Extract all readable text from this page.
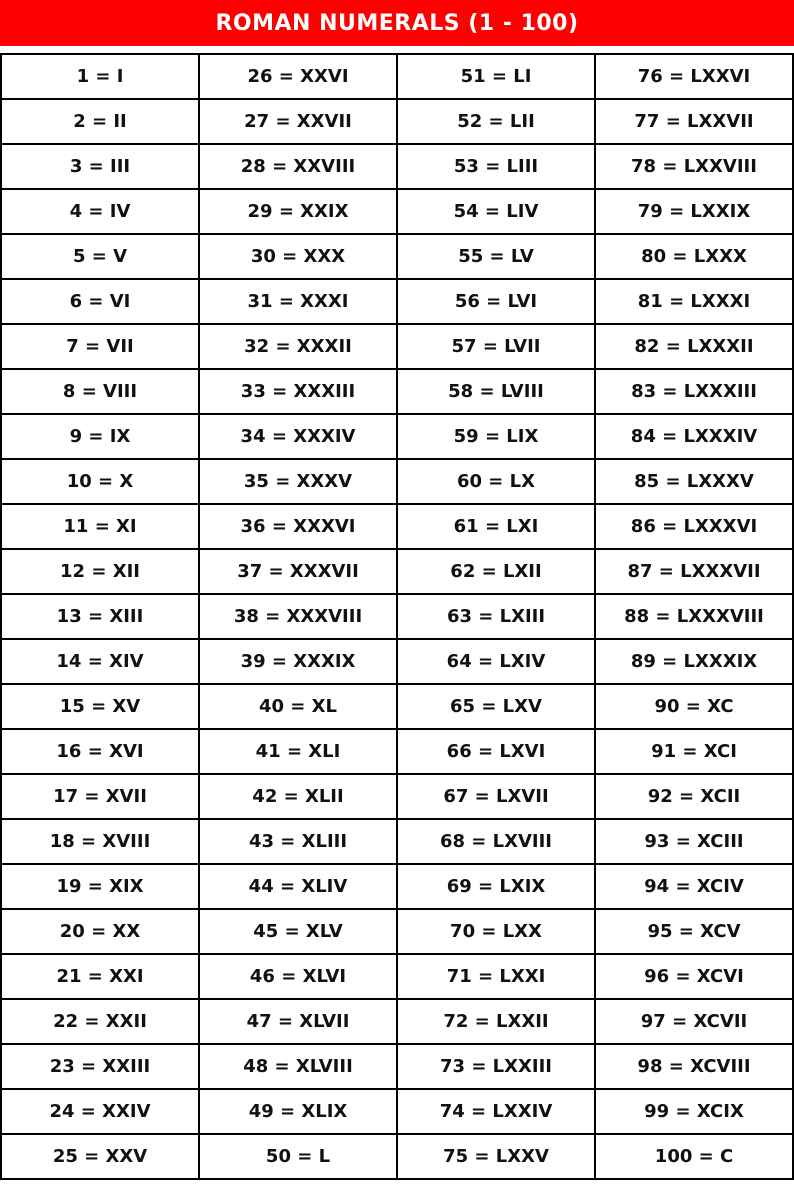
ROMAN NUMERALS (1 - 100)
1 = I	26 = XXVI	51 = LI	76 = LXXVI
2 = II	27 = XXVII	52 = LII	77 = LXXVII
3 = III	28 = XXVIII	53 = LIII	78 = LXXVIII
4 = IV	29 = XXIX	54 = LIV	79 = LXXIX
5 = V	30 = XXX	55 = LV	80 = LXXX
6 = VI	31 = XXXI	56 = LVI	81 = LXXXI
7 = VII	32 = XXXII	57 = LVII	82 = LXXXII
8 = VIII	33 = XXXIII	58 = LVIII	83 = LXXXIII
9 = IX	34 = XXXIV	59 = LIX	84 = LXXXIV
10 = X	35 = XXXV	60 = LX	85 = LXXXV
11 = XI	36 = XXXVI	61 = LXI	86 = LXXXVI
12 = XII	37 = XXXVII	62 = LXII	87 = LXXXVII
13 = XIII	38 = XXXVIII	63 = LXIII	88 = LXXXVIII
14 = XIV	39 = XXXIX	64 = LXIV	89 = LXXXIX
15 = XV	40 = XL	65 = LXV	90 = XC
16 = XVI	41 = XLI	66 = LXVI	91 = XCI
17 = XVII	42 = XLII	67 = LXVII	92 = XCII
18 = XVIII	43 = XLIII	68 = LXVIII	93 = XCIII
19 = XIX	44 = XLIV	69 = LXIX	94 = XCIV
20 = XX	45 = XLV	70 = LXX	95 = XCV
21 = XXI	46 = XLVI	71 = LXXI	96 = XCVI
22 = XXII	47 = XLVII	72 = LXXII	97 = XCVII
23 = XXIII	48 = XLVIII	73 = LXXIII	98 = XCVIII
24 = XXIV	49 = XLIX	74 = LXXIV	99 = XCIX
25 = XXV	50 = L	75 = LXXV	100 = C
